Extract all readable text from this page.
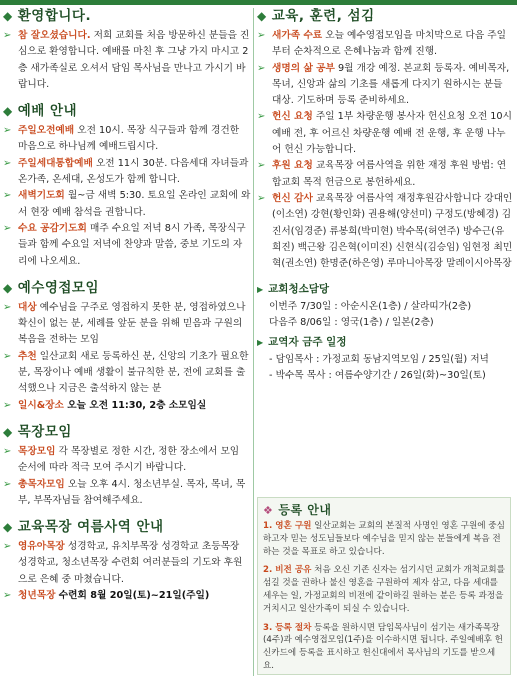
◆ 환영합니다.
➢ 참 잘오셨습니다. 저희 교회를 처음 방문하신 분들을 진심으로 환영합니다. 예배를 마친 후 그냥 가지 마시고 2층 새가족실로 오셔서 담임 목사님을 만나고 가시기 바랍니다.
◆ 예배 안내
➢ 주일오전예배 오전 10시. 목장 식구들과 함께 경건한 마음으로 하나님께 예배드립시다.
➢ 주일세대통합예배 오전 11시 30분. 다음세대 자녀들과 온가족, 온세대, 온성도가 함께 합니다.
➢ 새벽기도회 월~금 새벽 5:30. 토요일 온라인 교회에 와서 현장 예배 참석을 권합니다.
➢ 수요 공감기도회 매주 수요일 저녁 8시 가족, 목장식구들과 함께 수요일 저녁에 찬양과 말씀, 중보 기도의 자리에 나오세요.
◆ 예수영접모임
➢ 대상 예수님을 구주로 영접하지 못한 분, 영접하였으나 확신이 없는 분, 세례를 앞둔 분을 위해 믿음과 구원의 복음을 전하는 모임
➢ 추천 일산교회 새로 등록하신 분, 신앙의 기초가 필요한 분, 목장이나 예배 생활이 불규칙한 분, 전에 교회를 출석했으나 지금은 출석하지 않는 분
➢ 일시&장소 오늘 오전 11:30, 2층 소모임실
◆ 목장모임
➢ 목장모임 각 목장별로 정한 시간, 정한 장소에서 모임 순서에 따라 적극 모여 주시기 바랍니다.
➢ 총목자모임 오늘 오후 4시. 청소년부실. 목자, 목녀, 목부, 부목자님들 참여해주세요.
◆ 교육목장 여름사역 안내
➢ 영유아목장 성경학교, 유치부목장 성경학교 초등목장 성경학교, 청소년목장 수련회 여러분들의 기도와 후원으로 은혜 중 마쳤습니다.
➢ 청년목장 수련회 8월 20일(토)~21일(주일)
◆ 교육, 훈련, 섬김
➢ 새가족 수료 오늘 예수영접모임을 마치막으로 다음 주일부터 순차적으로 은혜나눔과 함께 진행.
➢ 생명의 삶 공부 9월 개강 예정. 본교회 등록자. 예비목자, 목녀, 신앙과 삶의 기초를 새롭게 다지기 원하시는 분들 대상. 기도하며 등록 준비하세요.
➢ 헌신 요청 주일 1부 차량운행 봉사자 헌신요청 오전 10시 예배 전, 후 어르신 차량운행 예배 전 운행, 후 운행 나누어 헌신 가능합니다.
➢ 후원 요청 교육목장 여름사역을 위한 재정 후원 방법: 연합교회 목적 헌금으로 봉헌하세요.
➢ 헌신 감사 교육목장 여름사역 재정후원감사합니다 강대인(이소연) 강현(황인화) 권용해(양선미) 구정도(방혜경) 김진서(임경준) 류봉희(박미현) 박수목(허연주) 방수근(유희진) 백근왕 김은혁(이미진) 신현식(김승임) 임현정 최민혁(권소연) 한명준(하은영) 루마니아목장 말레이시아목장
▶ 교회청소담당
이번주 7/30일 : 아순시온(1층) / 살라띠가(2층)
다음주 8/06일 : 영국(1층) / 일본(2층)
▶ 교역자 금주 일정
- 담임목사 : 가정교회 동남지역모임 / 25일(월) 저녁
- 박수목 목사 : 여름수양기간 / 26일(화)~30일(토)
❖ 등록 안내

1. 영혼 구원 일산교회는 교회의 본질적 사명인 영혼 구원에 중심하고자 믿는 성도님들보다 예수님을 믿지 않는 분들에게 복음 전하는 것을 목표로 하고 있습니다.

2. 비전 공유 처음 오신 기존 신자는 섬기시던 교회가 개척교회를 섬길 것을 권하나 불신 영혼을 구원하여 제자 삼고, 다음 세대를 세우는 일, 가정교회의 비전에 같이하길 원하는 분은 등록 과정을 거치시고 일산가족이 되실 수 있습니다.

3. 등록 절차 등록을 원하시면 담임목사님이 섬기는 새가족목장(4주)과 예수영접모임(1주)을 이수하시면 됩니다. 주일예배후 헌신카드에 등록을 표시하고 헌신대에서 목사님의 기도를 받으세요.
